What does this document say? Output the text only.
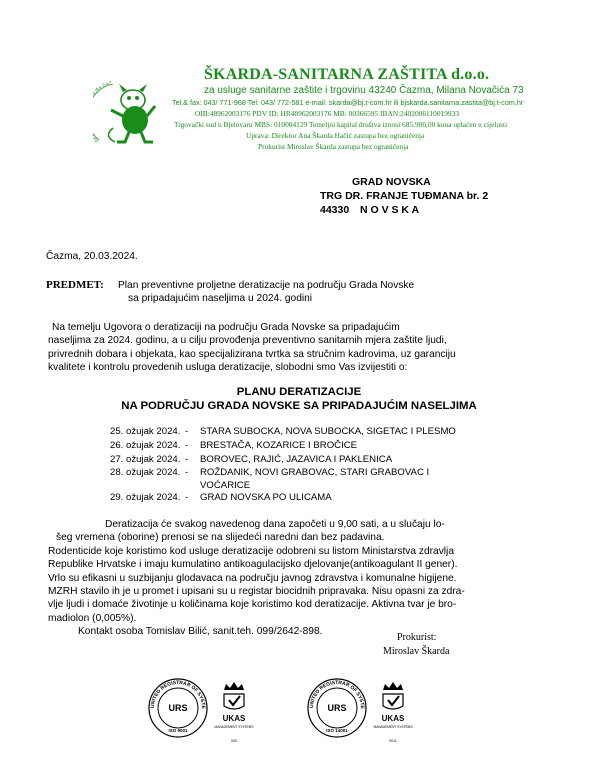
Š IŠA ČAZ
ŠKARDA-SANITARNA ZAŠTITA d.o.o.
za usluge sanitarne zaštite i trgovinu 43240 Čazma, Milana Novačića 73
Tel.& fax: 043/ 771-968 Tel: 043/ 772-581 e-mail: skarda@bj.t-com.hr ili bjskarda.sanitarna.zastita@bj.t-com.hr
OIB:48962003176 PDV ID: HR48962003176 MB: 00366595 IBAN:2402006110019933
Trgovački sud u Bjelovaru MBS: 010004129 Temeljni kapital društva iznosi 685.900,00 kuna uplaćen u cijelosti
Uprava: Direktor Ana Škarda Hačić zastupa bez ograničenja
Prokurist Miroslav Škarda zastupa bez ograničenja
GRAD NOVSKA
TRG DR. FRANJE TUĐMANA br. 2
44330 N O V S K A
Čazma, 20.03.2024.
PREDMET: Plan preventivne proljetne deratizacije na području Grada Novske
sa pripadajućim naseljima u 2024. godini
Na temelju Ugovora o deratizaciji na području Grada Novske sa pripadajućim
naseljima za 2024. godinu, a u cilju provođenja preventivno sanitarnih mjera zaštite ljudi,
privrednih dobara i objekata, kao specijalizirana tvrtka sa stručnim kadrovima, uz garanciju
kvalitete i kontrolu provedenih usluga deratizacije, slobodni smo Vas izvijestiti o:
PLANU DERATIZACIJE
NA PODRUČJU GRADA NOVSKE SA PRIPADAJUĆIM NASELJIMA
25. ožujak 2024. - STARA SUBOCKA, NOVA SUBOCKA, SIGETAC I PLESMO
26. ožujak 2024. - BRESTAČA, KOZARICE I BROČICE
27. ožujak 2024. - BOROVEC, RAJIĆ, JAZAVICA I PAKLENICA
28. ožujak 2024. - ROŽDANIK, NOVI GRABOVAC, STARI GRABOVAC I
VOĆARICE
29. ožujak 2024. - GRAD NOVSKA PO ULICAMA
Deratizacija će svakog navedenog dana započeti u 9,00 sati, a u slučaju lo-
šeg vremena (oborine) prenosi se na slijedeći naredni dan bez padavina.
Rodenticide koje koristimo kod usluge deratizacije odobreni su listom Ministarstva zdravlja
Republike Hrvatske i imaju kumulatino antikoagulacijsko djelovanje(antikoagulant II gener).
Vrlo su efikasni u suzbijanju glodavaca na području javnog zdravstva i komunalne higijene.
MZRH stavilo ih je u promet i upisani su u registar biocidnih pripravaka. Nisu opasni za zdra-
vlje ljudi i domaće životinje u količinama koje koristimo kod deratizacije. Aktivna tvar je bro-
madiolon (0,005%).
Kontakt osoba Tomislav Bilić, sanit.teh. 099/2642-898.
Prokurist:
Miroslav Škarda
UNITED REGISTRAR OF SYSTE
URS
ISO 9001
UKAS
MANAGEMENT SYSTEMS
000
UNITED REGISTRAR OF SYSTE
URS
ISO 14001
UKAS
MANAGEMENT SYSTEMS
0011
